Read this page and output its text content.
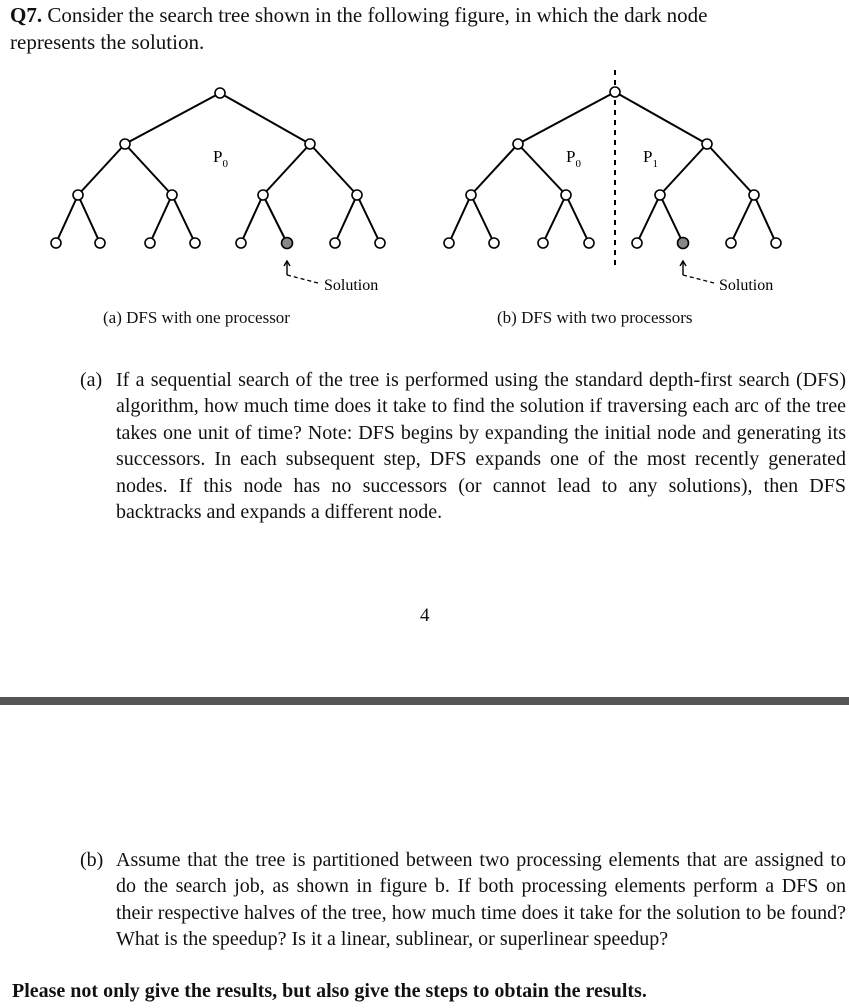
Q7. Consider the search tree shown in the following figure, in which the dark node
represents the solution.
$P_0$	$P_0$	$P_1$
Solution	Solution
(a) DFS with one processor	(b) DFS with two processors
(a) If a sequential search of the tree is performed using the standard depth-first search (DFS) algorithm, how much time does it take to find the solution if traversing each arc of the tree takes one unit of time? Note: DFS begins by expanding the initial node and generating its successors. In each subsequent step, DFS expands one of the most recently generated nodes. If this node has no successors (or cannot lead to any solutions), then DFS backtracks and expands a different node.
4
(b) Assume that the tree is partitioned between two processing elements that are assigned to do the search job, as shown in figure b. If both processing elements perform a DFS on their respective halves of the tree, how much time does it take for the solution to be found? What is the speedup? Is it a linear, sublinear, or superlinear speedup?
Please not only give the results, but also give the steps to obtain the results.
